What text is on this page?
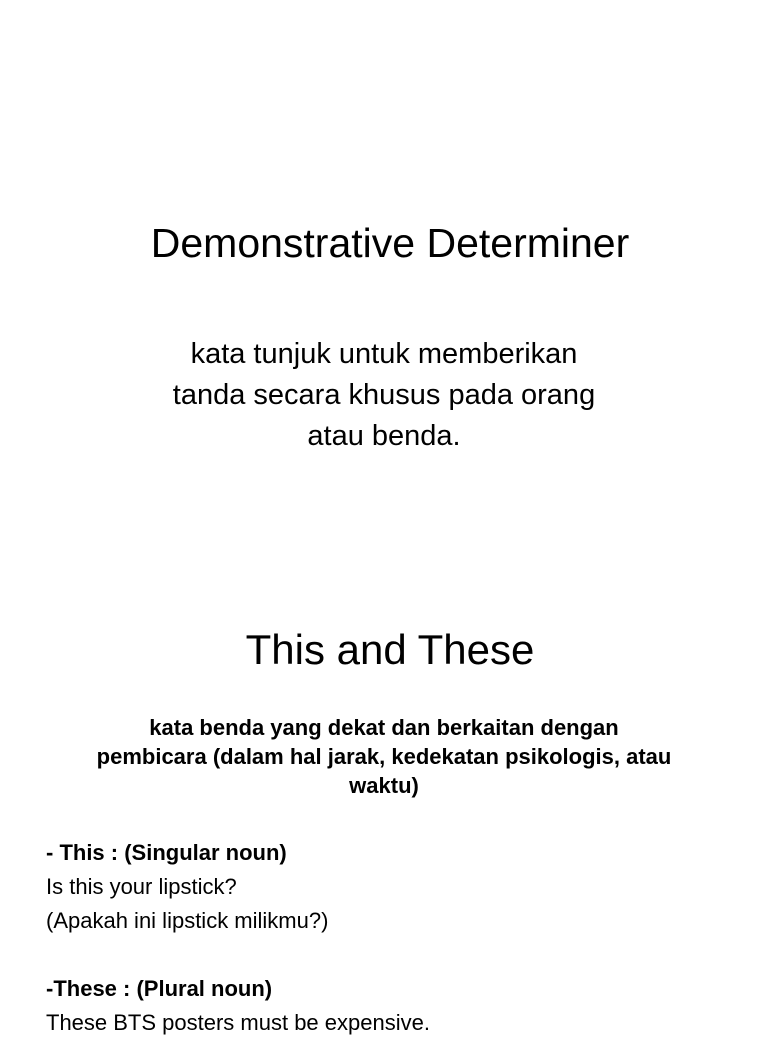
Demonstrative Determiner
kata tunjuk untuk memberikan
tanda secara khusus pada orang
atau benda.
This and These
kata benda yang dekat dan berkaitan dengan
pembicara (dalam hal jarak, kedekatan psikologis, atau
waktu)
- This : (Singular noun)
Is this your lipstick?
(Apakah ini lipstick milikmu?)
-These : (Plural noun)
These BTS posters must be expensive.
